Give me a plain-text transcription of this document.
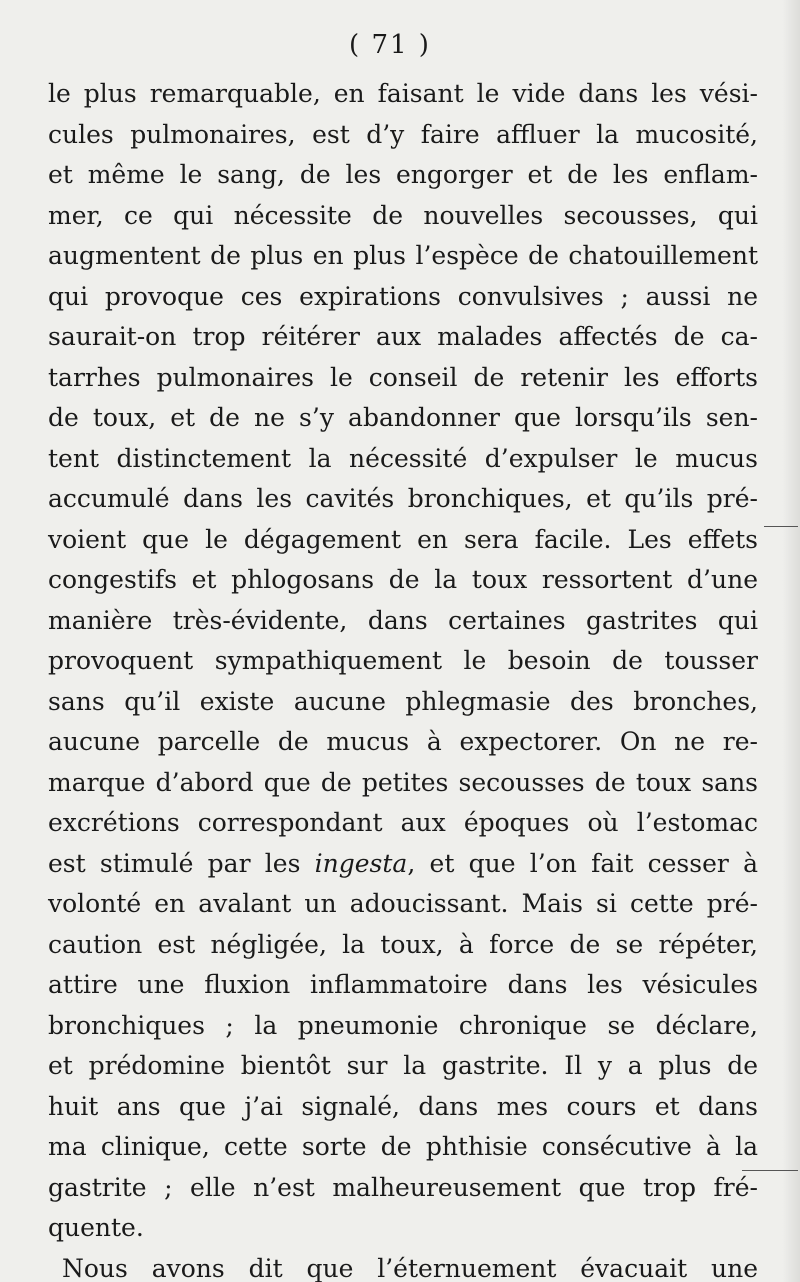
( 71 )
le plus remarquable, en faisant le vide dans les vési-
cules pulmonaires, est d’y faire affluer la mucosité,
et même le sang, de les engorger et de les enflam-
mer, ce qui nécessite de nouvelles secousses, qui
augmentent de plus en plus l’espèce de chatouillement
qui provoque ces expirations convulsives ; aussi ne
saurait-on trop réitérer aux malades affectés de ca-
tarrhes pulmonaires le conseil de retenir les efforts
de toux, et de ne s’y abandonner que lorsqu’ils sen-
tent distinctement la nécessité d’expulser le mucus
accumulé dans les cavités bronchiques, et qu’ils pré-
voient que le dégagement en sera facile. Les effets
congestifs et phlogosans de la toux ressortent d’une
manière très-évidente, dans certaines gastrites qui
provoquent sympathiquement le besoin de tousser
sans qu’il existe aucune phlegmasie des bronches,
aucune parcelle de mucus à expectorer. On ne re-
marque d’abord que de petites secousses de toux sans
excrétions correspondant aux époques où l’estomac
est stimulé par les ingesta, et que l’on fait cesser à
volonté en avalant un adoucissant. Mais si cette pré-
caution est négligée, la toux, à force de se répéter,
attire une fluxion inflammatoire dans les vésicules
bronchiques ; la pneumonie chronique se déclare,
et prédomine bientôt sur la gastrite. Il y a plus de
huit ans que j’ai signalé, dans mes cours et dans
ma clinique, cette sorte de phthisie consécutive à la
gastrite ; elle n’est malheureusement que trop fré-
quente.
Nous avons dit que l’éternuement évacuait une
